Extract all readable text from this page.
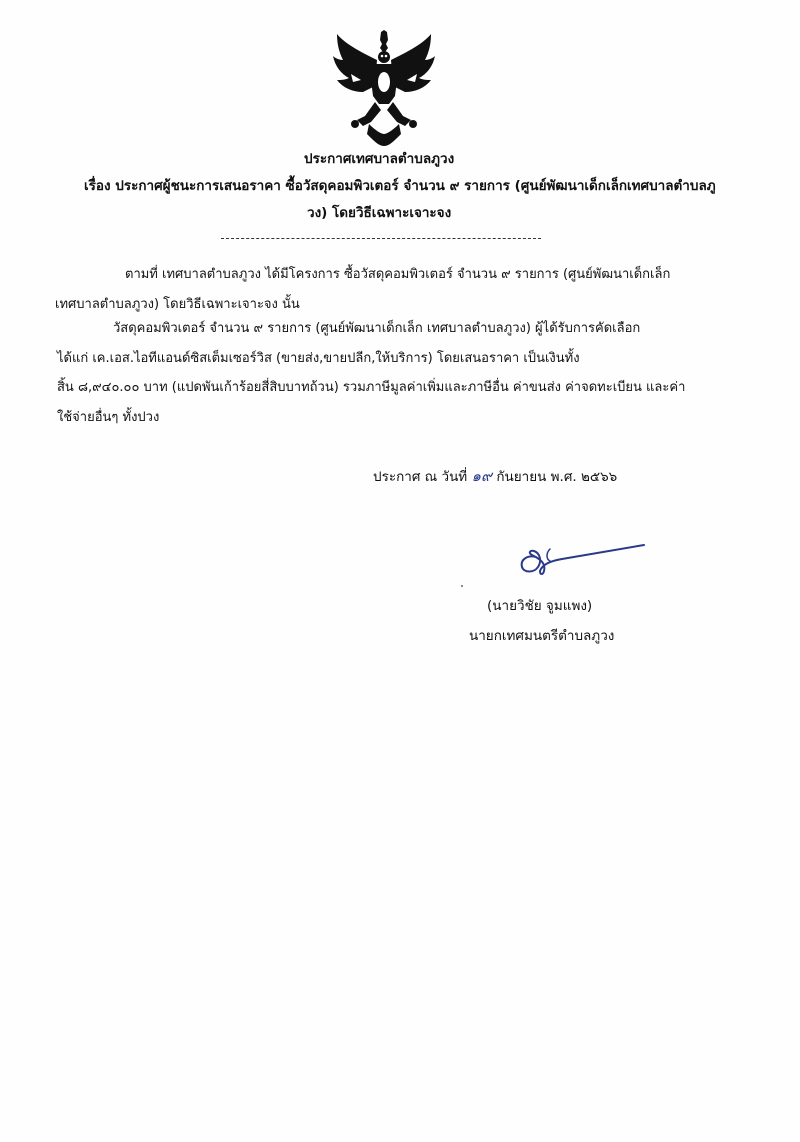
ประกาศเทศบาลตำบลภูวง
เรื่อง ประกาศผู้ชนะการเสนอราคา ซื้อวัสดุคอมพิวเตอร์ จำนวน ๙ รายการ (ศูนย์พัฒนาเด็กเล็กเทศบาลตำบลภู
วง) โดยวิธีเฉพาะเจาะจง
ตามที่ เทศบาลตำบลภูวง ได้มีโครงการ ซื้อวัสดุคอมพิวเตอร์ จำนวน ๙ รายการ (ศูนย์พัฒนาเด็กเล็ก
เทศบาลตำบลภูวง) โดยวิธีเฉพาะเจาะจง นั้น
วัสดุคอมพิวเตอร์ จำนวน ๙ รายการ (ศูนย์พัฒนาเด็กเล็ก เทศบาลตำบลภูวง) ผู้ได้รับการคัดเลือก
ได้แก่ เค.เอส.ไอทีแอนด์ซิสเต็มเซอร์วิส (ขายส่ง,ขายปลีก,ให้บริการ) โดยเสนอราคา เป็นเงินทั้ง
สิ้น ๘,๙๔๐.๐๐ บาท (แปดพันเก้าร้อยสี่สิบบาทถ้วน) รวมภาษีมูลค่าเพิ่มและภาษีอื่น ค่าขนส่ง ค่าจดทะเบียน และค่า
ใช้จ่ายอื่นๆ ทั้งปวง
ประกาศ ณ วันที่ ๑๙ กันยายน พ.ศ. ๒๕๖๖
(นายวิชัย จูมแพง)
นายกเทศมนตรีตำบลภูวง
